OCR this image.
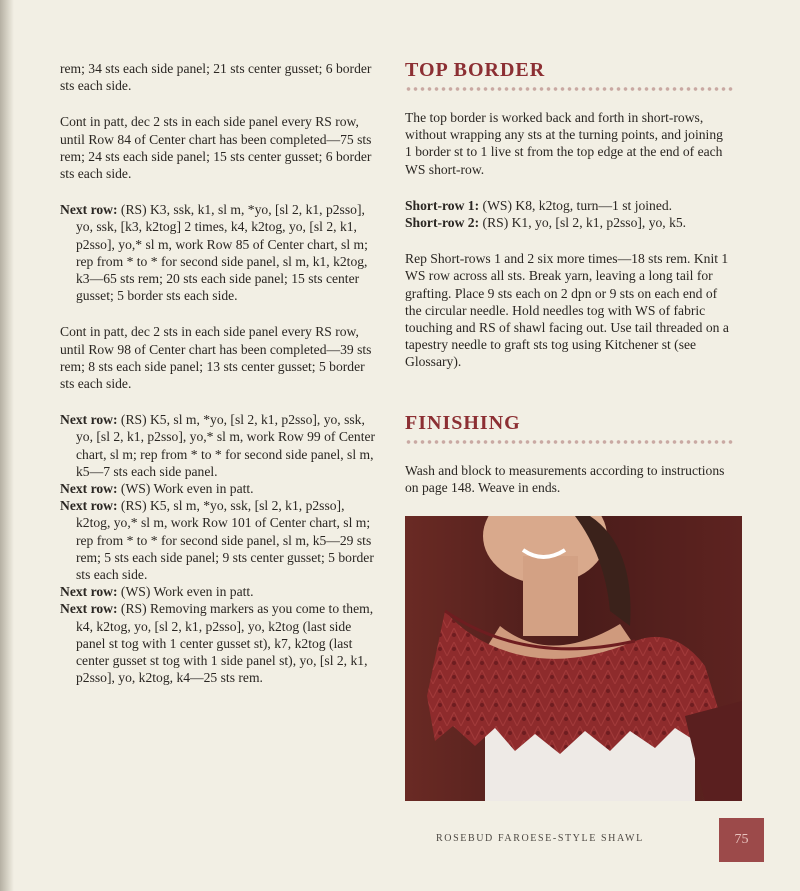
rem; 34 sts each side panel; 21 sts center gusset; 6 border sts each side.

Cont in patt, dec 2 sts in each side panel every RS row, until Row 84 of Center chart has been completed—75 sts rem; 24 sts each side panel; 15 sts center gusset; 6 border sts each side.

Next row: (RS) K3, ssk, k1, sl m, *yo, [sl 2, k1, p2sso], yo, ssk, [k3, k2tog] 2 times, k4, k2tog, yo, [sl 2, k1, p2sso], yo,* sl m, work Row 85 of Center chart, sl m; rep from * to * for second side panel, sl m, k1, k2tog, k3—65 sts rem; 20 sts each side panel; 15 sts center gusset; 5 border sts each side.

Cont in patt, dec 2 sts in each side panel every RS row, until Row 98 of Center chart has been completed—39 sts rem; 8 sts each side panel; 13 sts center gusset; 5 border sts each side.

Next row: (RS) K5, sl m, *yo, [sl 2, k1, p2sso], yo, ssk, yo, [sl 2, k1, p2sso], yo,* sl m, work Row 99 of Center chart, sl m; rep from * to * for second side panel, sl m, k5—7 sts each side panel.

Next row: (WS) Work even in patt.

Next row: (RS) K5, sl m, *yo, ssk, [sl 2, k1, p2sso], k2tog, yo,* sl m, work Row 101 of Center chart, sl m; rep from * to * for second side panel, sl m, k5—29 sts rem; 5 sts each side panel; 9 sts center gusset; 5 border sts each side.

Next row: (WS) Work even in patt.

Next row: (RS) Removing markers as you come to them, k4, k2tog, yo, [sl 2, k1, p2sso], yo, k2tog (last side panel st tog with 1 center gusset st), k7, k2tog (last center gusset st tog with 1 side panel st), yo, [sl 2, k1, p2sso], yo, k2tog, k4—25 sts rem.

TOP BORDER

The top border is worked back and forth in short-rows, without wrapping any sts at the turning points, and joining 1 border st to 1 live st from the top edge at the end of each WS short-row.

Short-row 1: (WS) K8, k2tog, turn—1 st joined.

Short-row 2: (RS) K1, yo, [sl 2, k1, p2sso], yo, k5.

Rep Short-rows 1 and 2 six more times—18 sts rem. Knit 1 WS row across all sts. Break yarn, leaving a long tail for grafting. Place 9 sts each on 2 dpn or 9 sts on each end of the circular needle. Hold needles tog with WS of fabric touching and RS of shawl facing out. Use tail threaded on a tapestry needle to graft sts tog using Kitchener st (see Glossary).

FINISHING

Wash and block to measurements according to instructions on page 148. Weave in ends.

ROSEBUD FAROESE-STYLE SHAWL	75
